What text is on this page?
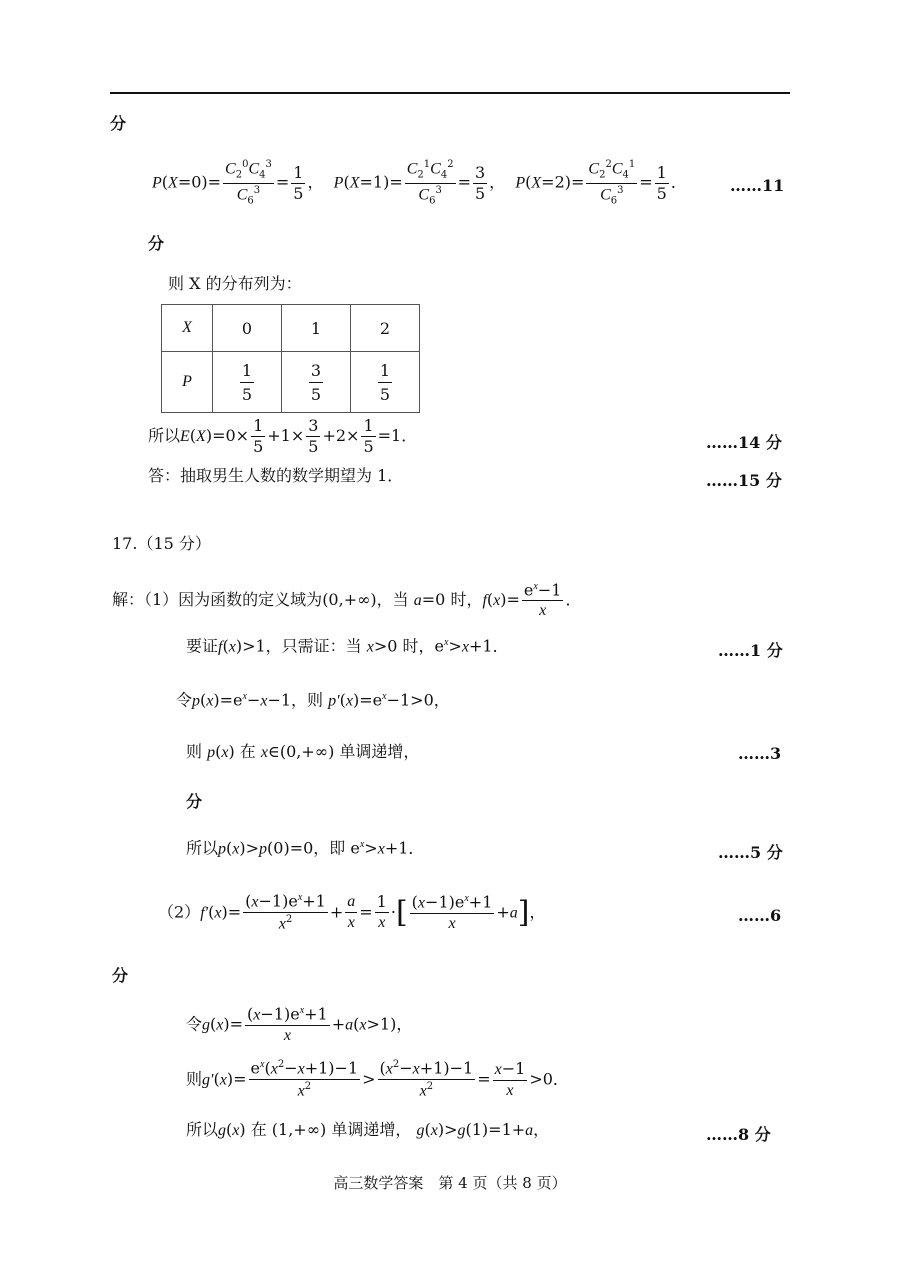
分
$P(X=0)= \frac{C_2^0C_4^3}{C_6^3} = \frac{1}{5}$ ，  $P(X=1)= \frac{C_2^1C_4^2}{C_6^3} = \frac{3}{5}$ ，  $P(X=2)= \frac{C_2^2C_4^1}{C_6^3} = \frac{1}{5}$ ．	……11
分
则 X 的分布列为：
X	0	1	2
P	$\frac{1}{5}$	$\frac{3}{5}$	$\frac{1}{5}$
所以$E(X)=0\times \frac{1}{5} +1\times \frac{3}{5} +2\times \frac{1}{5} =1$．	……14 分
答：抽取男生人数的数学期望为 1．	……15 分
17.（15 分）
解：（1）因为函数的定义域为(0,+∞)，当 a=0 时，$f(x)= \frac{e^x-1}{x}$ ．
要证f(x)>1，只需证：当 x>0 时，$e^x>x+1$．	……1 分
令$p(x)=e^x-x-1$，则 $p'(x)=e^x-1>0$，
则 p(x) 在 x∈(0,+∞) 单调递增，	……3
分
所以p(x)>p(0)=0，即 $e^x>x+1$．	……5 分
$(2)f'(x)= \frac{(x-1)e^x+1}{x^2} + \frac{a}{x} = \frac{1}{x}$ ·[ $\frac{(x-1)e^x+1}{x} +a$]，	……6
分
令$g(x)= \frac{(x-1)e^x+1}{x} +a(x>1)$，
则$g'(x)= \frac{e^x(x^2-x+1)-1}{x^2} > \frac{(x^2-x+1)-1}{x^2} = \frac{x-1}{x} >0$．
所以g(x) 在 (1,+∞) 单调递增， g(x)>g(1)=1+a，	……8 分
高三数学答案　第 4 页（共 8 页）
